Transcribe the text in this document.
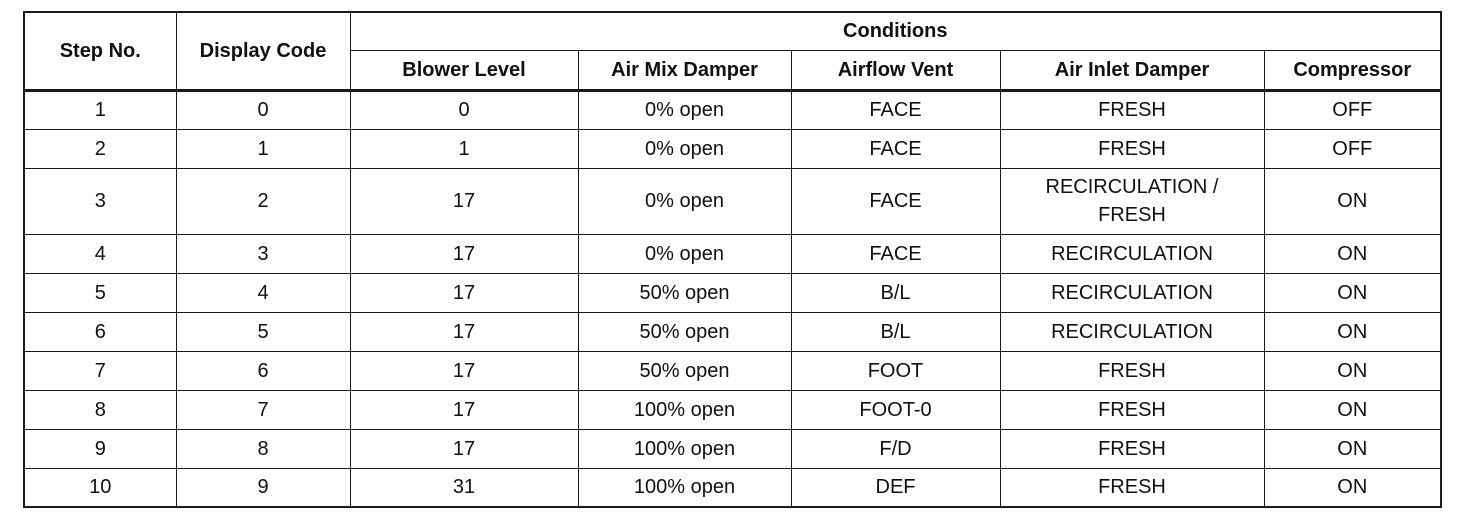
Step No.	Display Code	Conditions				
		Blower Level	Air Mix Damper	Airflow Vent	Air Inlet Damper	Compressor
1	0	0	0% open	FACE	FRESH	OFF
2	1	1	0% open	FACE	FRESH	OFF
3	2	17	0% open	FACE	RECIRCULATION / FRESH	ON
4	3	17	0% open	FACE	RECIRCULATION	ON
5	4	17	50% open	B/L	RECIRCULATION	ON
6	5	17	50% open	B/L	RECIRCULATION	ON
7	6	17	50% open	FOOT	FRESH	ON
8	7	17	100% open	FOOT-0	FRESH	ON
9	8	17	100% open	F/D	FRESH	ON
10	9	31	100% open	DEF	FRESH	ON
